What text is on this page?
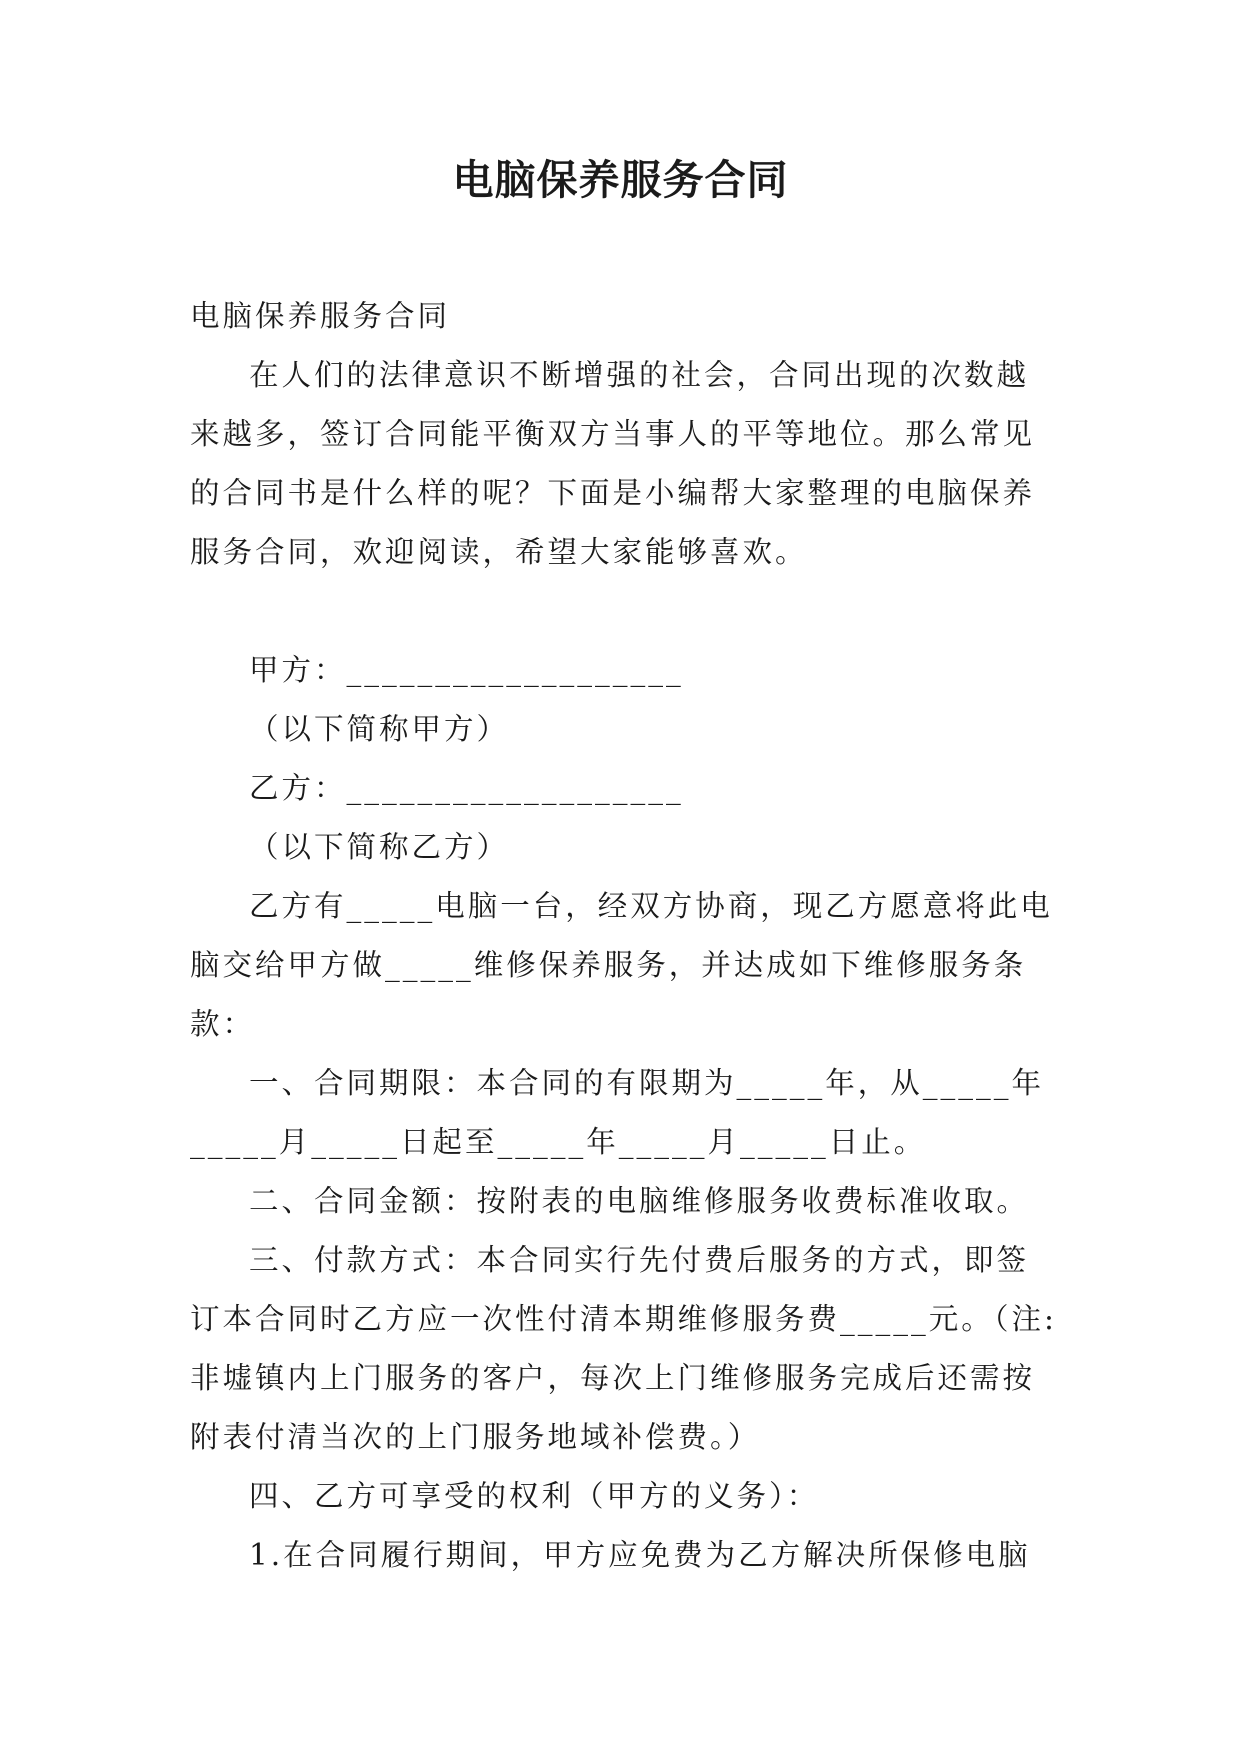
电脑保养服务合同

电脑保养服务合同

在人们的法律意识不断增强的社会，合同出现的次数越来越多，签订合同能平衡双方当事人的平等地位。那么常见的合同书是什么样的呢？下面是小编帮大家整理的电脑保养服务合同，欢迎阅读，希望大家能够喜欢。

甲方：___________________

（以下简称甲方）

乙方：___________________

（以下简称乙方）

乙方有_____电脑一台，经双方协商，现乙方愿意将此电脑交给甲方做_____维修保养服务，并达成如下维修服务条款：

一、合同期限：本合同的有限期为_____年，从_____年_____月_____日起至_____年_____月_____日止。

二、合同金额：按附表的电脑维修服务收费标准收取。

三、付款方式：本合同实行先付费后服务的方式，即签订本合同时乙方应一次性付清本期维修服务费_____元。（注:非墟镇内上门服务的客户，每次上门维修服务完成后还需按附表付清当次的上门服务地域补偿费。）

四、乙方可享受的权利（甲方的义务）：

1.在合同履行期间，甲方应免费为乙方解决所保修电脑
